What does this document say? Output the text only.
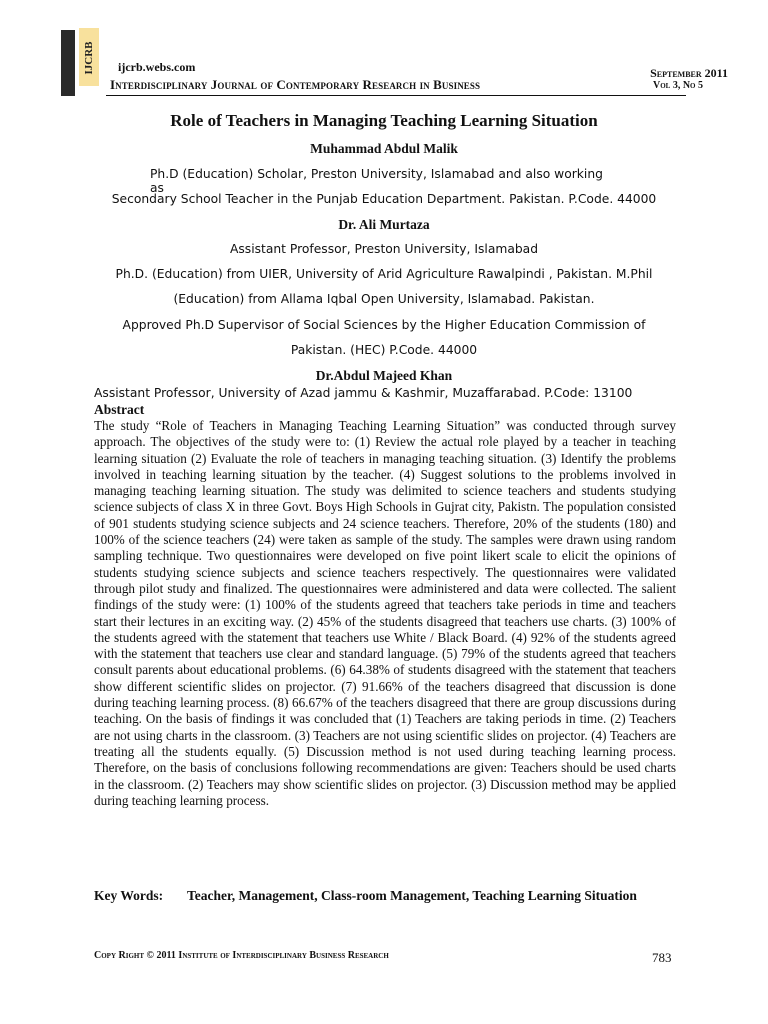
IJCRB ijcrb.webs.com
Interdisciplinary Journal of Contemporary Research in Business
September 2011
Vol 3, No 5
Role of Teachers in Managing Teaching Learning Situation
Muhammad Abdul Malik
Ph.D (Education) Scholar, Preston University, Islamabad and also working as
Secondary School Teacher in the Punjab Education Department. Pakistan. P.Code. 44000
Dr. Ali Murtaza
Assistant Professor, Preston University, Islamabad
Ph.D. (Education) from UIER, University of Arid Agriculture Rawalpindi , Pakistan. M.Phil
(Education) from Allama Iqbal Open University, Islamabad. Pakistan.
Approved Ph.D Supervisor of Social Sciences by the Higher Education Commission of
Pakistan. (HEC) P.Code. 44000
Dr.Abdul Majeed Khan
Assistant Professor, University of Azad jammu & Kashmir, Muzaffarabad. P.Code: 13100
Abstract
The study “Role of Teachers in Managing Teaching Learning Situation” was conducted through survey approach. The objectives of the study were to: (1) Review the actual role played by a teacher in teaching learning situation (2) Evaluate the role of teachers in managing teaching situation. (3) Identify the problems involved in teaching learning situation by the teacher. (4) Suggest solutions to the problems involved in managing teaching learning situation. The study was delimited to science teachers and students studying science subjects of class X in three Govt. Boys High Schools in Gujrat city, Pakistn. The population consisted of 901 students studying science subjects and 24 science teachers. Therefore, 20% of the students (180) and 100% of the science teachers (24) were taken as sample of the study. The samples were drawn using random sampling technique. Two questionnaires were developed on five point likert scale to elicit the opinions of students studying science subjects and science teachers respectively. The questionnaires were validated through pilot study and finalized. The questionnaires were administered and data were collected. The salient findings of the study were: (1) 100% of the students agreed that teachers take periods in time and teachers start their lectures in an exciting way. (2) 45% of the students disagreed that teachers use charts. (3) 100% of the students agreed with the statement that teachers use White / Black Board. (4) 92% of the students agreed with the statement that teachers use clear and standard language. (5) 79% of the students agreed that teachers consult parents about educational problems. (6) 64.38% of students disagreed with the statement that teachers show different scientific slides on projector. (7) 91.66% of the teachers disagreed that discussion is done during teaching learning process. (8) 66.67% of the teachers disagreed that there are group discussions during teaching. On the basis of findings it was concluded that (1) Teachers are taking periods in time. (2) Teachers are not using charts in the classroom. (3) Teachers are not using scientific slides on projector. (4) Teachers are treating all the students equally. (5) Discussion method is not used during teaching learning process. Therefore, on the basis of conclusions following recommendations are given: Teachers should be used charts in the classroom. (2) Teachers may show scientific slides on projector. (3) Discussion method may be applied during teaching learning process.
Key Words: Teacher, Management, Class-room Management, Teaching Learning Situation
Copy Right © 2011 Institute of Interdisciplinary Business Research	783
